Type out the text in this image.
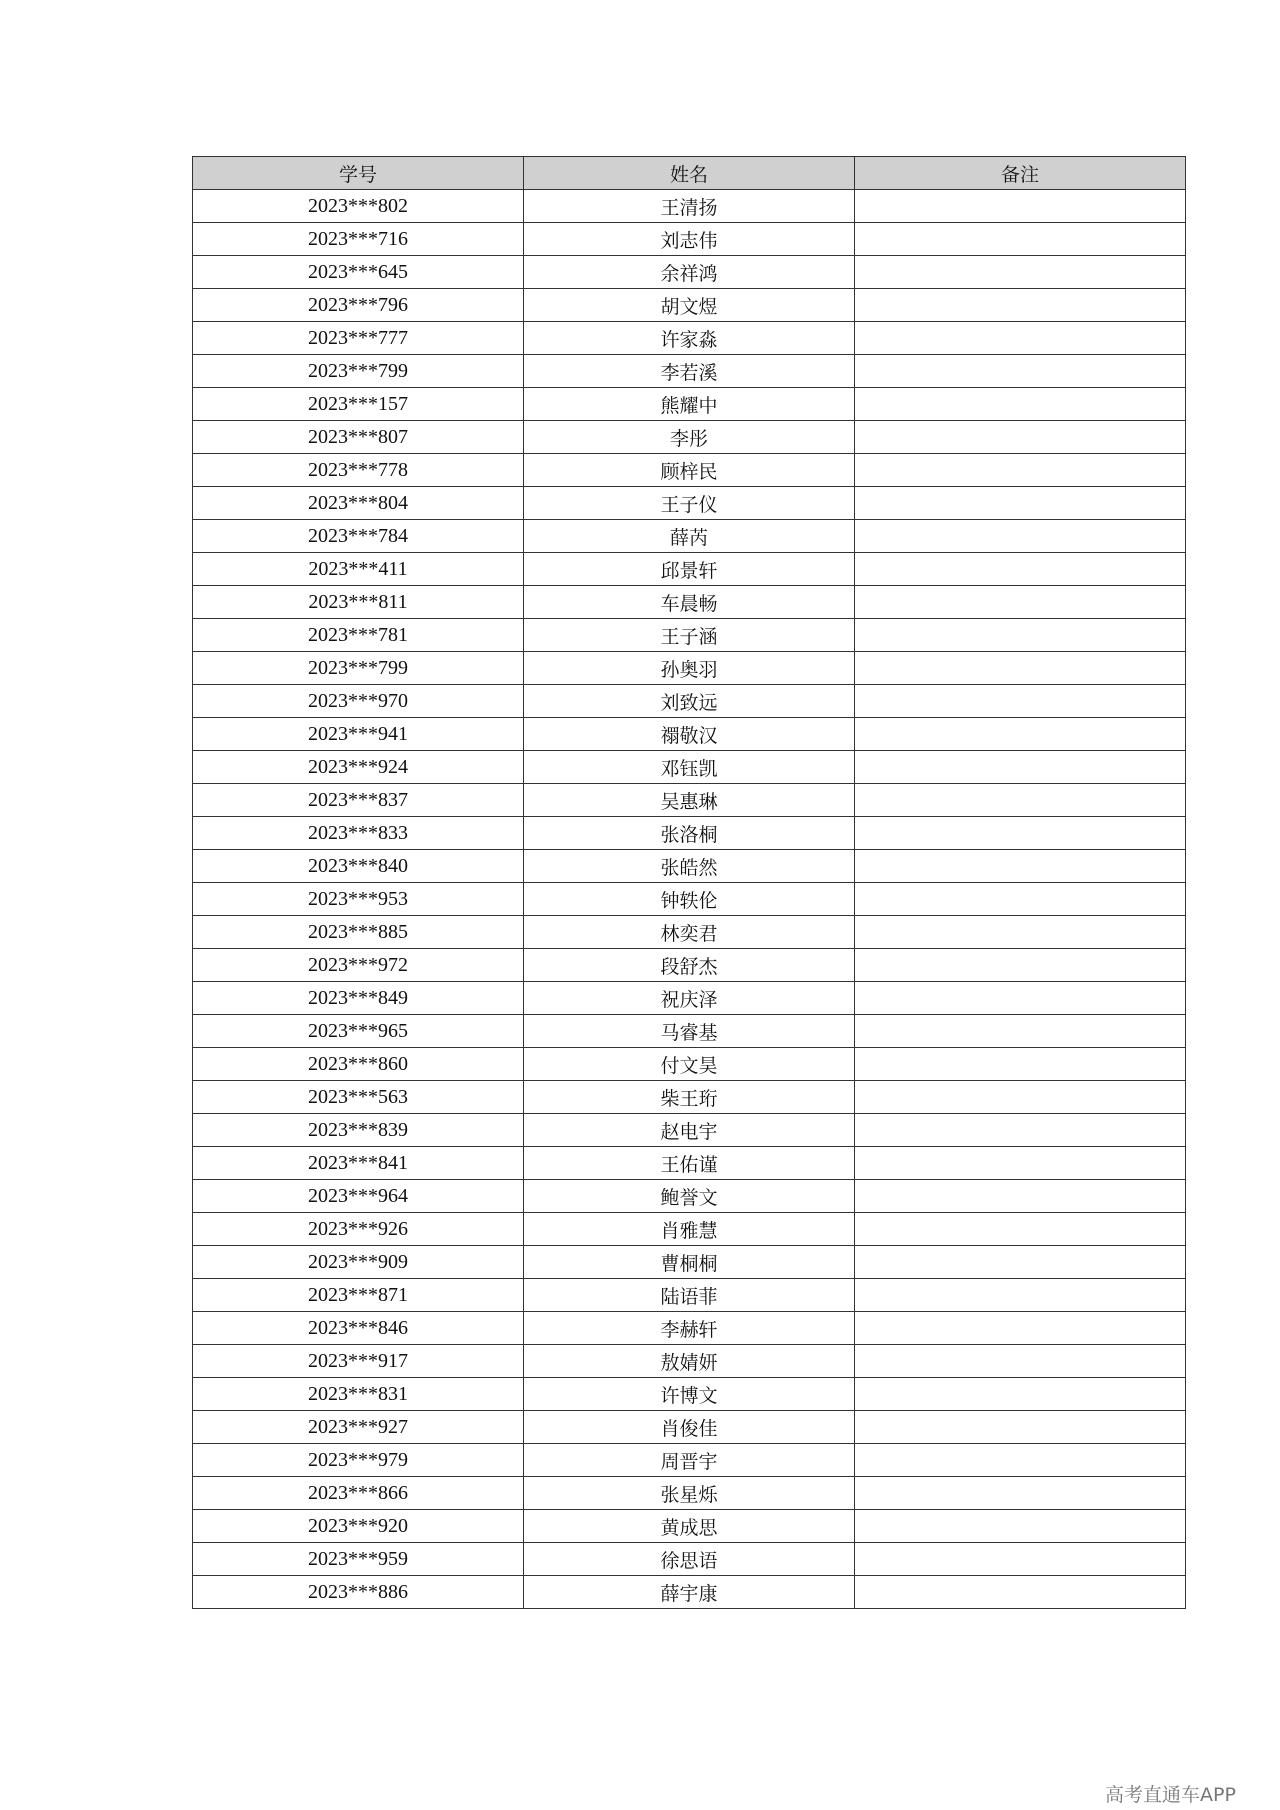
学号	姓名	备注
2023***802	王清扬	
2023***716	刘志伟	
2023***645	余祥鸿	
2023***796	胡文煜	
2023***777	许家淼	
2023***799	李若溪	
2023***157	熊耀中	
2023***807	李彤	
2023***778	顾梓民	
2023***804	王子仪	
2023***784	薛芮	
2023***411	邱景轩	
2023***811	车晨畅	
2023***781	王子涵	
2023***799	孙奥羽	
2023***970	刘致远	
2023***941	禤敬汉	
2023***924	邓钰凯	
2023***837	吴惠琳	
2023***833	张洛桐	
2023***840	张皓然	
2023***953	钟轶伦	
2023***885	林奕君	
2023***972	段舒杰	
2023***849	祝庆泽	
2023***965	马睿基	
2023***860	付文昊	
2023***563	柴王珩	
2023***839	赵电宇	
2023***841	王佑谨	
2023***964	鲍誉文	
2023***926	肖雅慧	
2023***909	曹桐桐	
2023***871	陆语菲	
2023***846	李赫轩	
2023***917	敖婧妍	
2023***831	许博文	
2023***927	肖俊佳	
2023***979	周晋宇	
2023***866	张星烁	
2023***920	黄成思	
2023***959	徐思语	
2023***886	薛宇康	
高考直通车APP
